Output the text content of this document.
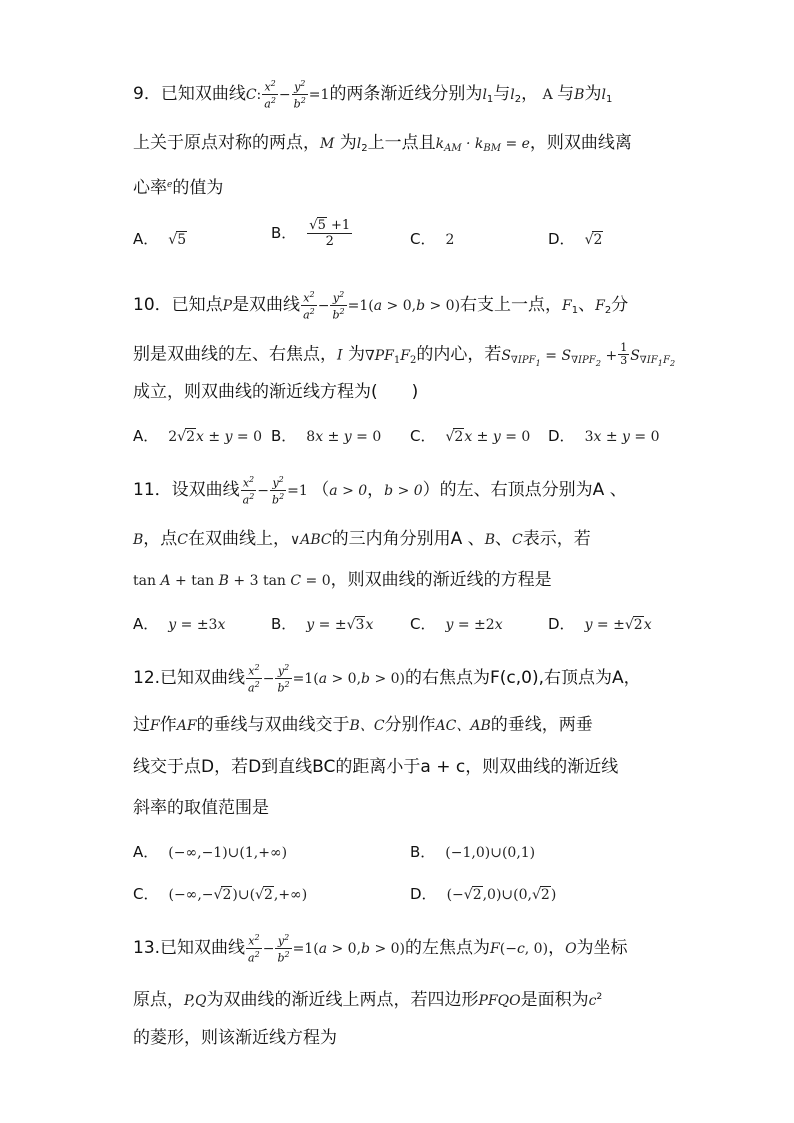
9．已知双曲线C: $\frac{x^2}{a^2} - \frac{y^2}{b^2} =1$的两条渐近线分别为$l_1$与$l_2$， A 与B为$l_1$
上关于原点对称的两点，M 为$l_2$上一点且$k_{AM} \cdot k_{BM} = e$，则双曲线离
心率$^e$的值为
A． √5	B． $\frac{√5 +1}{2}$	C． 2	D． √2
10．已知点P是双曲线 $\frac{x^2}{a^2} - \frac{y^2}{b^2} =1(a > 0,b > 0)$右支上一点，$F_1$、$F_2$分
别是双曲线的左、右焦点，I 为$\nabla PF_1F_2$的内心，若$S_{\nabla IPF_1} = S_{\nabla IPF_2} + \frac{1}{3} S_{\nabla IF_1F_2}$
成立，则双曲线的渐近线方程为(　　)
A． 2√2x ± y = 0 B． 8x ± y = 0 C． √2x ± y = 0 D． 3x ± y = 0
11．设双曲线 $\frac{x^2}{a^2} - \frac{y^2}{b^2} =1$ （a > 0，b > 0）的左、右顶点分别为A 、
B，点C在双曲线上，∨ABC的三内角分别用A 、B、C表示，若
tan A + tan B + 3 tan C = 0，则双曲线的渐近线的方程是
A． y = ±3x	B． y = ±√3x C． y = ±2x	D． y = ±√2x
12.已知双曲线 $\frac{x^2}{a^2} - \frac{y^2}{b^2} =1(a > 0,b > 0)$的右焦点为F(c,0),右顶点为A，
过F作AF的垂线与双曲线交于B、C分别作AC、AB的垂线，两垂
线交于点D，若D到直线BC的距离小于a + c，则双曲线的渐近线
斜率的取值范围是
A． (−∞,−1)∪(1,+∞)	B． (−1,0)∪(0,1)
C． (−∞,−√2)∪(√2,+∞)	D． (−√2,0)∪(0,√2)
13.已知双曲线 $\frac{x^2}{a^2} - \frac{y^2}{b^2} =1(a > 0,b > 0)$的左焦点为F(−c, 0)，O为坐标
原点，P,Q为双曲线的渐近线上两点，若四边形PFQO是面积为$c^2$
的菱形，则该渐近线方程为
